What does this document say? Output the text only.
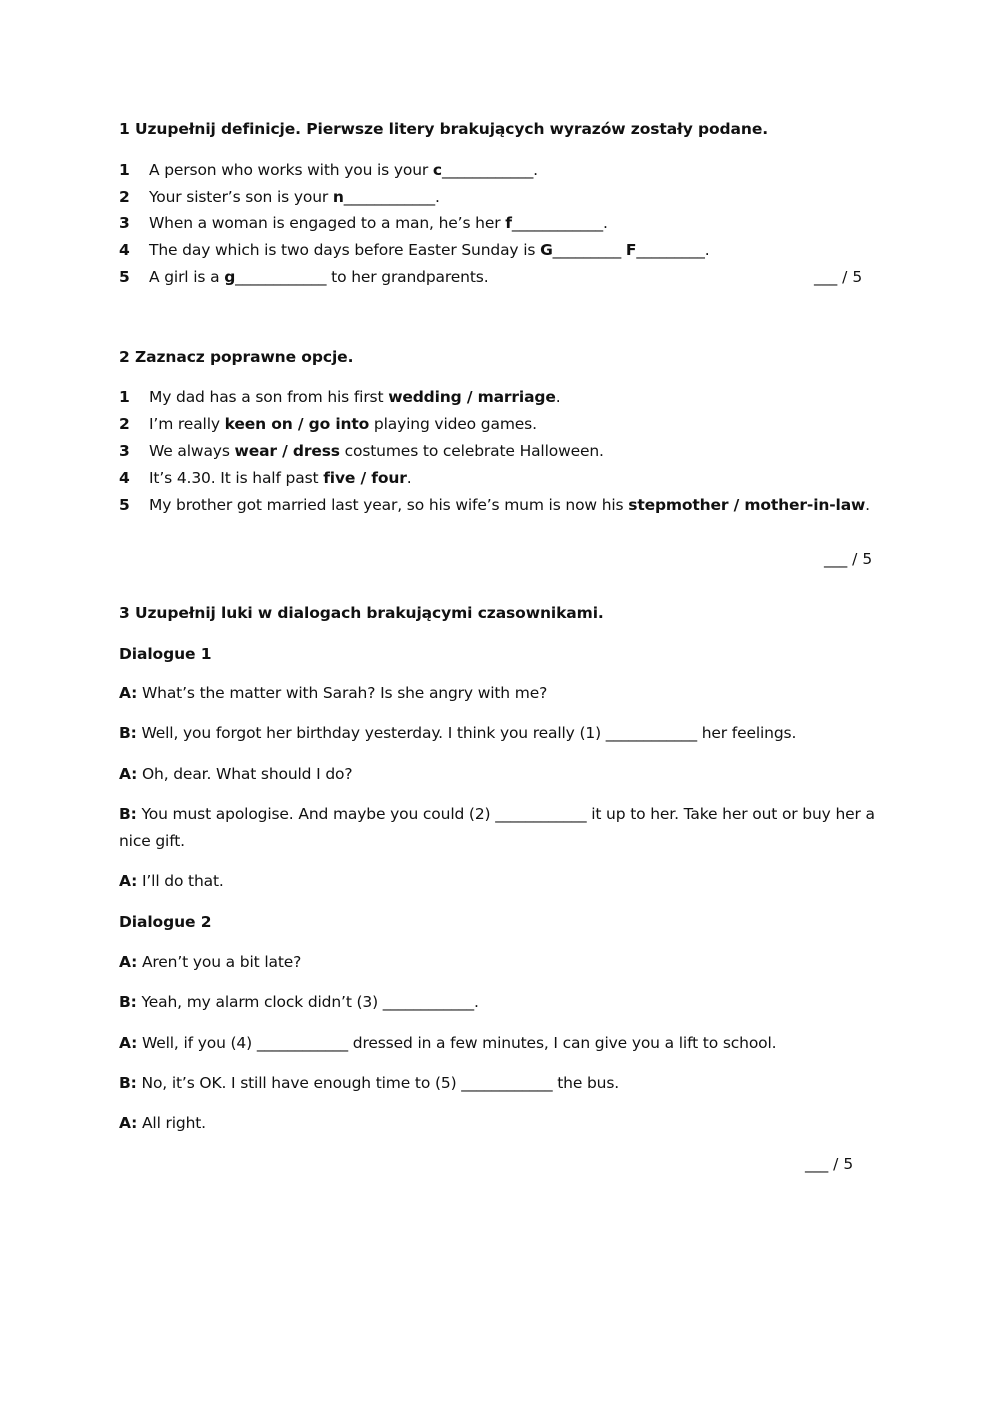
1 Uzupełnij definicje. Pierwsze litery brakujących wyrazów zostały podane.
1 A person who works with you is your c____________.
2 Your sister’s son is your n____________.
3 When a woman is engaged to a man, he’s her f____________.
4 The day which is two days before Easter Sunday is G_________ F_________.
5 A girl is a g____________ to her grandparents.	___ / 5
2 Zaznacz poprawne opcje.
1 My dad has a son from his first wedding / marriage.
2 I’m really keen on / go into playing video games.
3 We always wear / dress costumes to celebrate Halloween.
4 It’s 4.30. It is half past five / four.
5 My brother got married last year, so his wife’s mum is now his stepmother / mother-in-law.
___ / 5
3 Uzupełnij luki w dialogach brakującymi czasownikami.
Dialogue 1
A: What’s the matter with Sarah? Is she angry with me?
B: Well, you forgot her birthday yesterday. I think you really (1) ____________ her feelings.
A: Oh, dear. What should I do?
B: You must apologise. And maybe you could (2) ____________ it up to her. Take her out or buy her a nice gift.
A: I’ll do that.
Dialogue 2
A: Aren’t you a bit late?
B: Yeah, my alarm clock didn’t (3) ____________.
A: Well, if you (4) ____________ dressed in a few minutes, I can give you a lift to school.
B: No, it’s OK. I still have enough time to (5) ____________ the bus.
A: All right.
___ / 5
